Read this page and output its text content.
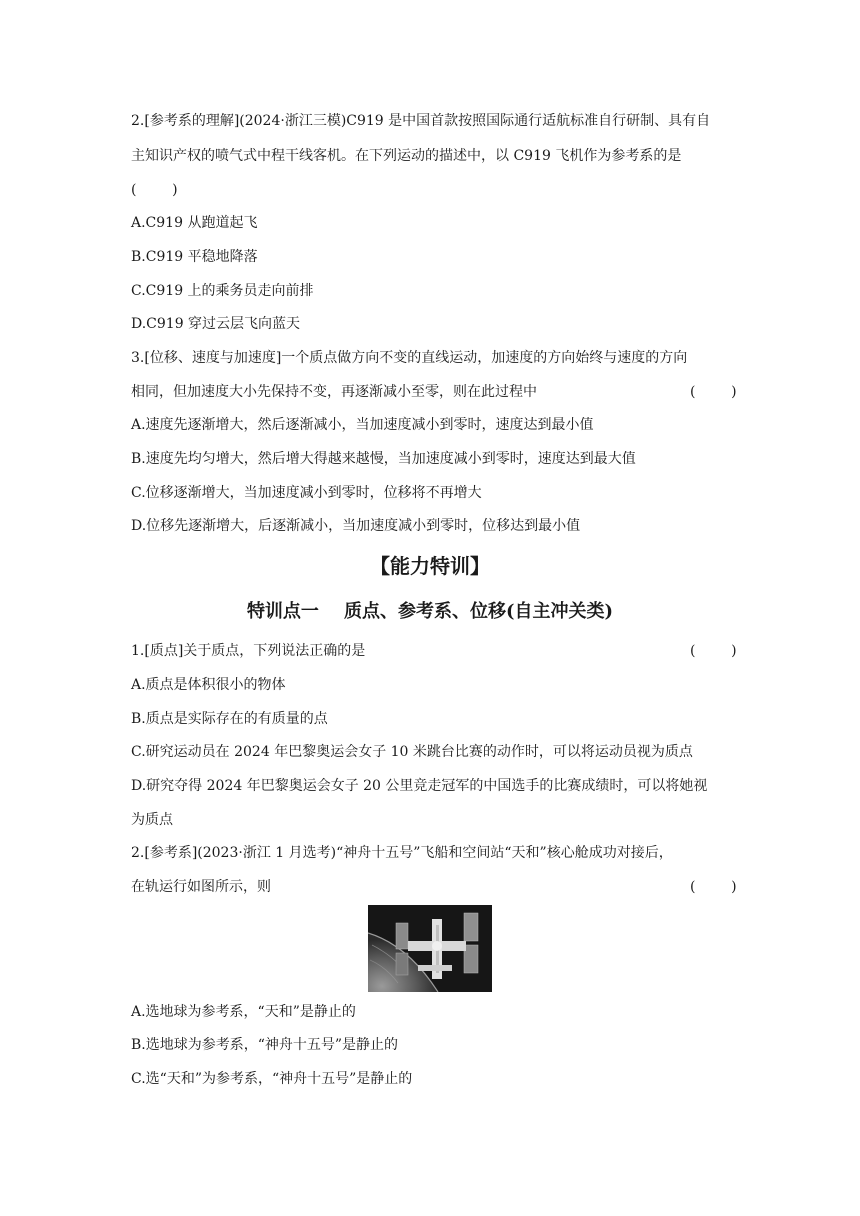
2.[参考系的理解](2024·浙江三模)C919 是中国首款按照国际通行适航标准自行研制、具有自
主知识产权的喷气式中程干线客机。在下列运动的描述中，以 C919 飞机作为参考系的是
(        )
A.C919 从跑道起飞
B.C919 平稳地降落
C.C919 上的乘务员走向前排
D.C919 穿过云层飞向蓝天
3.[位移、速度与加速度]一个质点做方向不变的直线运动，加速度的方向始终与速度的方向
相同，但加速度大小先保持不变，再逐渐减小至零，则在此过程中	(        )
A.速度先逐渐增大，然后逐渐减小，当加速度减小到零时，速度达到最小值
B.速度先均匀增大，然后增大得越来越慢，当加速度减小到零时，速度达到最大值
C.位移逐渐增大，当加速度减小到零时，位移将不再增大
D.位移先逐渐增大，后逐渐减小，当加速度减小到零时，位移达到最小值
【能力特训】
特训点一    质点、参考系、位移(自主冲关类)
1.[质点]关于质点，下列说法正确的是	(        )
A.质点是体积很小的物体
B.质点是实际存在的有质量的点
C.研究运动员在 2024 年巴黎奥运会女子 10 米跳台比赛的动作时，可以将运动员视为质点
D.研究夺得 2024 年巴黎奥运会女子 20 公里竞走冠军的中国选手的比赛成绩时，可以将她视
为质点
2.[参考系](2023·浙江 1 月选考)“神舟十五号”飞船和空间站“天和”核心舱成功对接后，
在轨运行如图所示，则	(        )
A.选地球为参考系，“天和”是静止的
B.选地球为参考系，“神舟十五号”是静止的
C.选“天和”为参考系，“神舟十五号”是静止的
